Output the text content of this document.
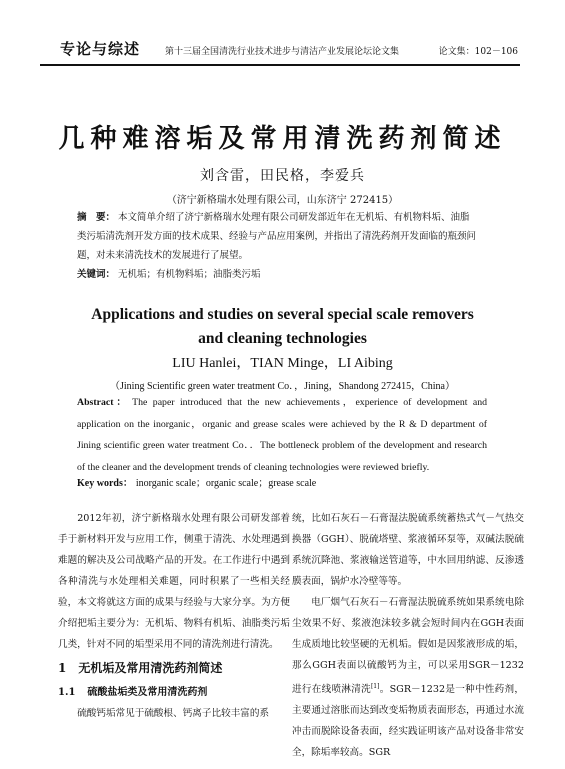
专论与综述	第十三届全国清洗行业技术进步与清洁产业发展论坛论文集	论文集：102－106
几种难溶垢及常用清洗药剂简述
刘含雷，田民格，李爱兵
（济宁新格瑞水处理有限公司，山东济宁 272415）
摘　要： 本文简单介绍了济宁新格瑞水处理有限公司研发部近年在无机垢、有机物料垢、油脂类污垢清洗剂开发方面的技术成果、经验与产品应用案例，并指出了清洗药剂开发面临的瓶颈问题，对未来清洗技术的发展进行了展望。
关键词： 无机垢；有机物料垢；油脂类污垢
Applications and studies on several special scale removers and cleaning technologies
LIU Hanlei，TIAN Minge，LI Aibing
（Jining Scientific green water treatment Co．，Jining，Shandong 272415，China）
Abstract： The paper introduced that the new achievements，experience of development and application on the inorganic，organic and grease scales were achieved by the R & D department of Jining scientific green water treatment Co．．The bottleneck problem of the development and research of the cleaner and the development trends of cleaning technologies were reviewed briefly.
Key words： inorganic scale；organic scale；grease scale

2012年初，济宁新格瑞水处理有限公司研发部着手于新材料开发与应用工作，侧重于清洗、水处理遇到难题的解决及公司战略产品的开发。在工作进行中遇到各种清洗与水处理相关难题，同时积累了一些相关经验，本文将就这方面的成果与经验与大家分享。为方便介绍把垢主要分为：无机垢、物料有机垢、油脂类污垢几类，针对不同的垢型采用不同的清洗剂进行清洗。

1 无机垢及常用清洗药剂简述
1.1 硫酸盐垢类及常用清洗药剂

硫酸钙垢常见于硫酸根、钙离子比较丰富的系

统，比如石灰石－石膏湿法脱硫系统蓄热式气－气热交换器（GGH）、脱硫塔壁、浆液循环泵等，双碱法脱硫系统沉降池、浆液输送管道等，中水回用纳滤、反渗透膜表面，锅炉水冷壁等等。

电厂烟气石灰石－石膏湿法脱硫系统如果系统电除尘效果不好、浆液泡沫较多就会短时间内在GGH表面生成质地比较坚硬的无机垢。假如是因浆液形成的垢，那么GGH表面以硫酸钙为主，可以采用SGR－1232进行在线喷淋清洗[1]。SGR－1232是一种中性药剂，主要通过溶胀而达到改变垢物质表面形态，再通过水流冲击而脱除设备表面，经实践证明该产品对设备非常安全，除垢率较高。SGR
